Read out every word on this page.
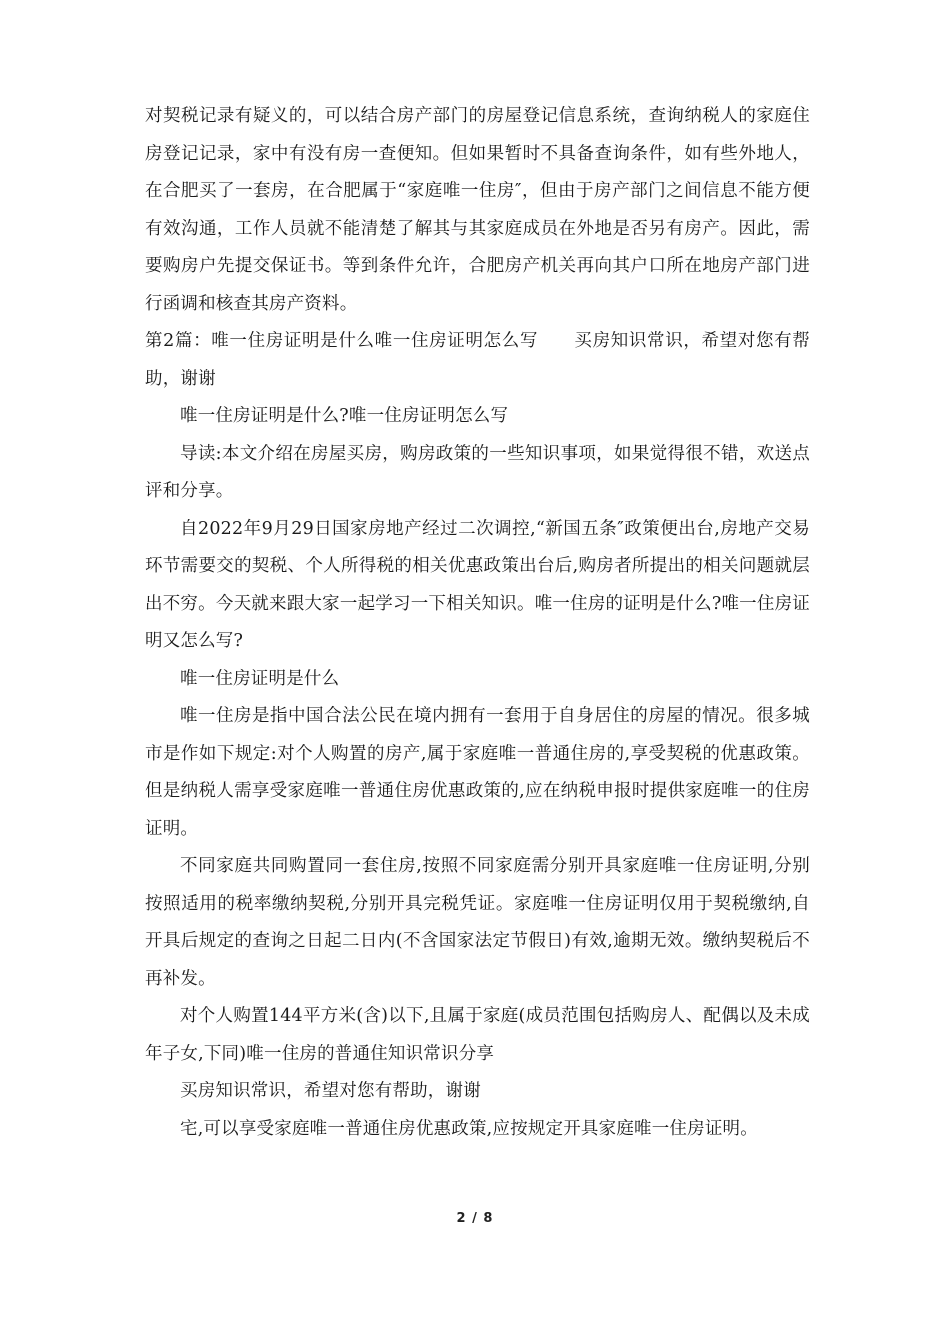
对契税记录有疑义的，可以结合房产部门的房屋登记信息系统，查询纳税人的家庭住房登记记录，家中有没有房一查便知。但如果暂时不具备查询条件，如有些外地人，在合肥买了一套房，在合肥属于“家庭唯一住房″，但由于房产部门之间信息不能方便有效沟通，工作人员就不能清楚了解其与其家庭成员在外地是否另有房产。因此，需要购房户先提交保证书。等到条件允许，合肥房产机关再向其户口所在地房产部门进行函调和核查其房产资料。

第2篇：唯一住房证明是什么唯一住房证明怎么写　　买房知识常识，希望对您有帮助，谢谢

唯一住房证明是什么?唯一住房证明怎么写

导读:本文介绍在房屋买房，购房政策的一些知识事项，如果觉得很不错，欢送点评和分享。

自2022年9月29日国家房地产经过二次调控,“新国五条″政策便出台,房地产交易环节需要交的契税、个人所得税的相关优惠政策出台后,购房者所提出的相关问题就层出不穷。今天就来跟大家一起学习一下相关知识。唯一住房的证明是什么?唯一住房证明又怎么写?

唯一住房证明是什么

唯一住房是指中国合法公民在境内拥有一套用于自身居住的房屋的情况。很多城市是作如下规定:对个人购置的房产,属于家庭唯一普通住房的,享受契税的优惠政策。但是纳税人需享受家庭唯一普通住房优惠政策的,应在纳税申报时提供家庭唯一的住房证明。

不同家庭共同购置同一套住房,按照不同家庭需分别开具家庭唯一住房证明,分别按照适用的税率缴纳契税,分别开具完税凭证。家庭唯一住房证明仅用于契税缴纳,自开具后规定的查询之日起二日内(不含国家法定节假日)有效,逾期无效。缴纳契税后不再补发。

对个人购置144平方米(含)以下,且属于家庭(成员范围包括购房人、配偶以及未成年子女,下同)唯一住房的普通住知识常识分享

买房知识常识，希望对您有帮助，谢谢

宅,可以享受家庭唯一普通住房优惠政策,应按规定开具家庭唯一住房证明。

2 / 8
